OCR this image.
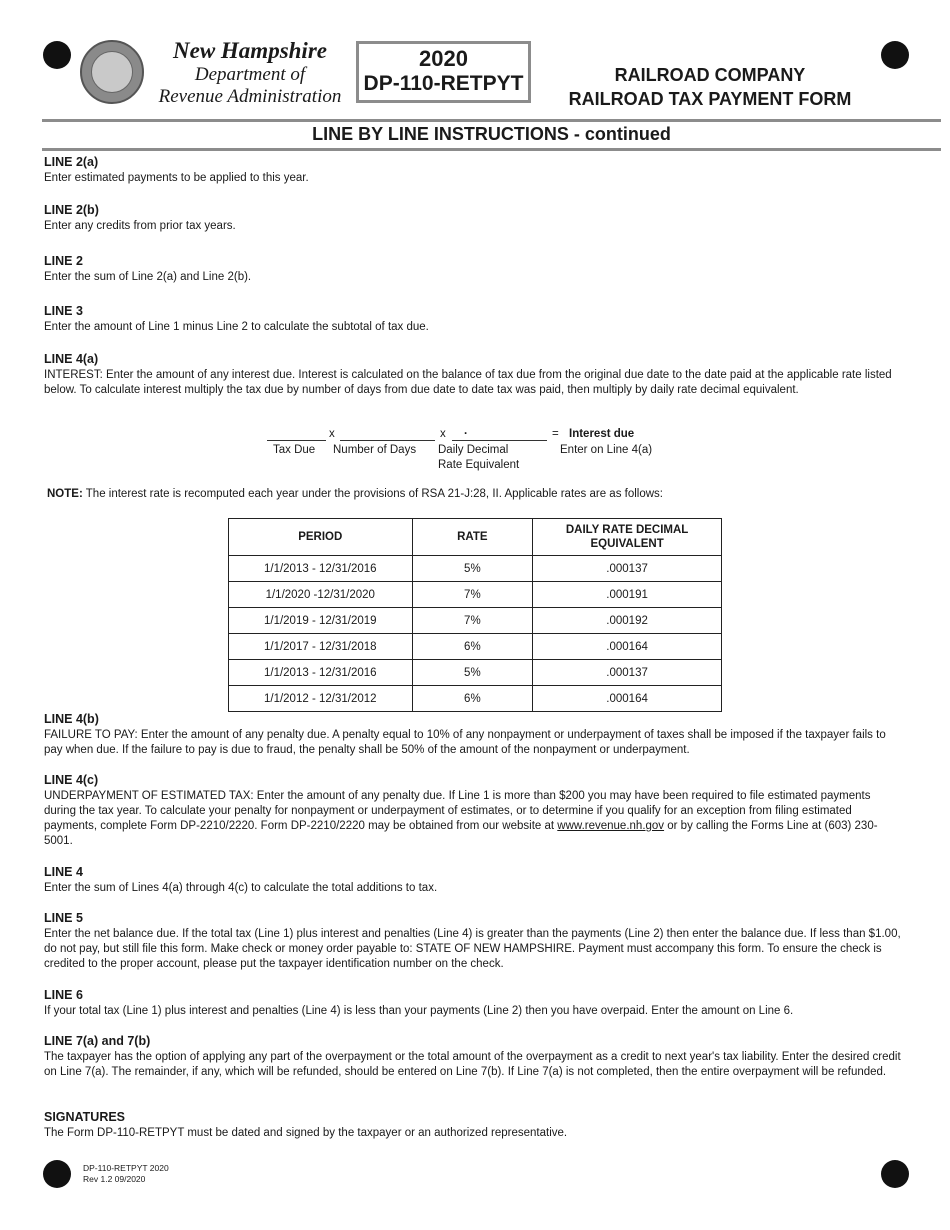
New Hampshire
Department of
Revenue Administration
2020
DP-110-RETPYT	RAILROAD COMPANY
RAILROAD TAX PAYMENT FORM
LINE BY LINE INSTRUCTIONS - continued
LINE 2(a)

Enter estimated payments to be applied to this year.

LINE 2(b)

Enter any credits from prior tax years.

LINE 2

Enter the sum of Line 2(a) and Line 2(b).

LINE 3

Enter the amount of Line 1 minus Line 2 to calculate the subtotal of tax due.

LINE 4(a)

INTEREST: Enter the amount of any interest due. Interest is calculated on the balance of tax due from the original due date to the date paid at the applicable rate listed below. To calculate interest multiply the tax due by number of days from due date to date tax was paid, then multiply by daily rate decimal equivalent.

x	x .	= Interest due
Tax Due Number of Days Daily Decimal
Rate Equivalent
Enter on Line 4(a)
NOTE: The interest rate is recomputed each year under the provisions of RSA 21-J:28, II. Applicable rates are as follows:
PERIOD	RATE	DAILY RATE DECIMAL EQUIVALENT
1/1/2013 - 12/31/2016	5%	.000137
1/1/2020 -12/31/2020	7%	.000191
1/1/2019 - 12/31/2019	7%	.000192
1/1/2017 - 12/31/2018	6%	.000164
1/1/2013 - 12/31/2016	5%	.000137
1/1/2012 - 12/31/2012	6%	.000164
LINE 4(b)

FAILURE TO PAY: Enter the amount of any penalty due. A penalty equal to 10% of any nonpayment or underpayment of taxes shall be imposed if the taxpayer fails to pay when due. If the failure to pay is due to fraud, the penalty shall be 50% of the amount of the nonpayment or underpayment.

LINE 4(c)

UNDERPAYMENT OF ESTIMATED TAX: Enter the amount of any penalty due. If Line 1 is more than $200 you may have been required to file estimated payments during the tax year. To calculate your penalty for nonpayment or underpayment of estimates, or to determine if you qualify for an exception from filing estimated payments, complete Form DP-2210/2220. Form DP-2210/2220 may be obtained from our website at www.revenue.nh.gov or by calling the Forms Line at (603) 230-5001.

LINE 4

Enter the sum of Lines 4(a) through 4(c) to calculate the total additions to tax.

LINE 5

Enter the net balance due. If the total tax (Line 1) plus interest and penalties (Line 4) is greater than the payments (Line 2) then enter the balance due. If less than $1.00, do not pay, but still file this form. Make check or money order payable to: STATE OF NEW HAMPSHIRE. Payment must accompany this form. To ensure the check is credited to the proper account, please put the taxpayer identification number on the check.

LINE 6

If your total tax (Line 1) plus interest and penalties (Line 4) is less than your payments (Line 2) then you have overpaid. Enter the amount on Line 6.

LINE 7(a) and 7(b)

The taxpayer has the option of applying any part of the overpayment or the total amount of the overpayment as a credit to next year's tax liability. Enter the desired credit on Line 7(a). The remainder, if any, which will be refunded, should be entered on Line 7(b). If Line 7(a) is not completed, then the entire overpayment will be refunded.

SIGNATURES

The Form DP-110-RETPYT must be dated and signed by the taxpayer or an authorized representative.

DP-110-RETPYT 2020
Rev 1.2 09/2020
